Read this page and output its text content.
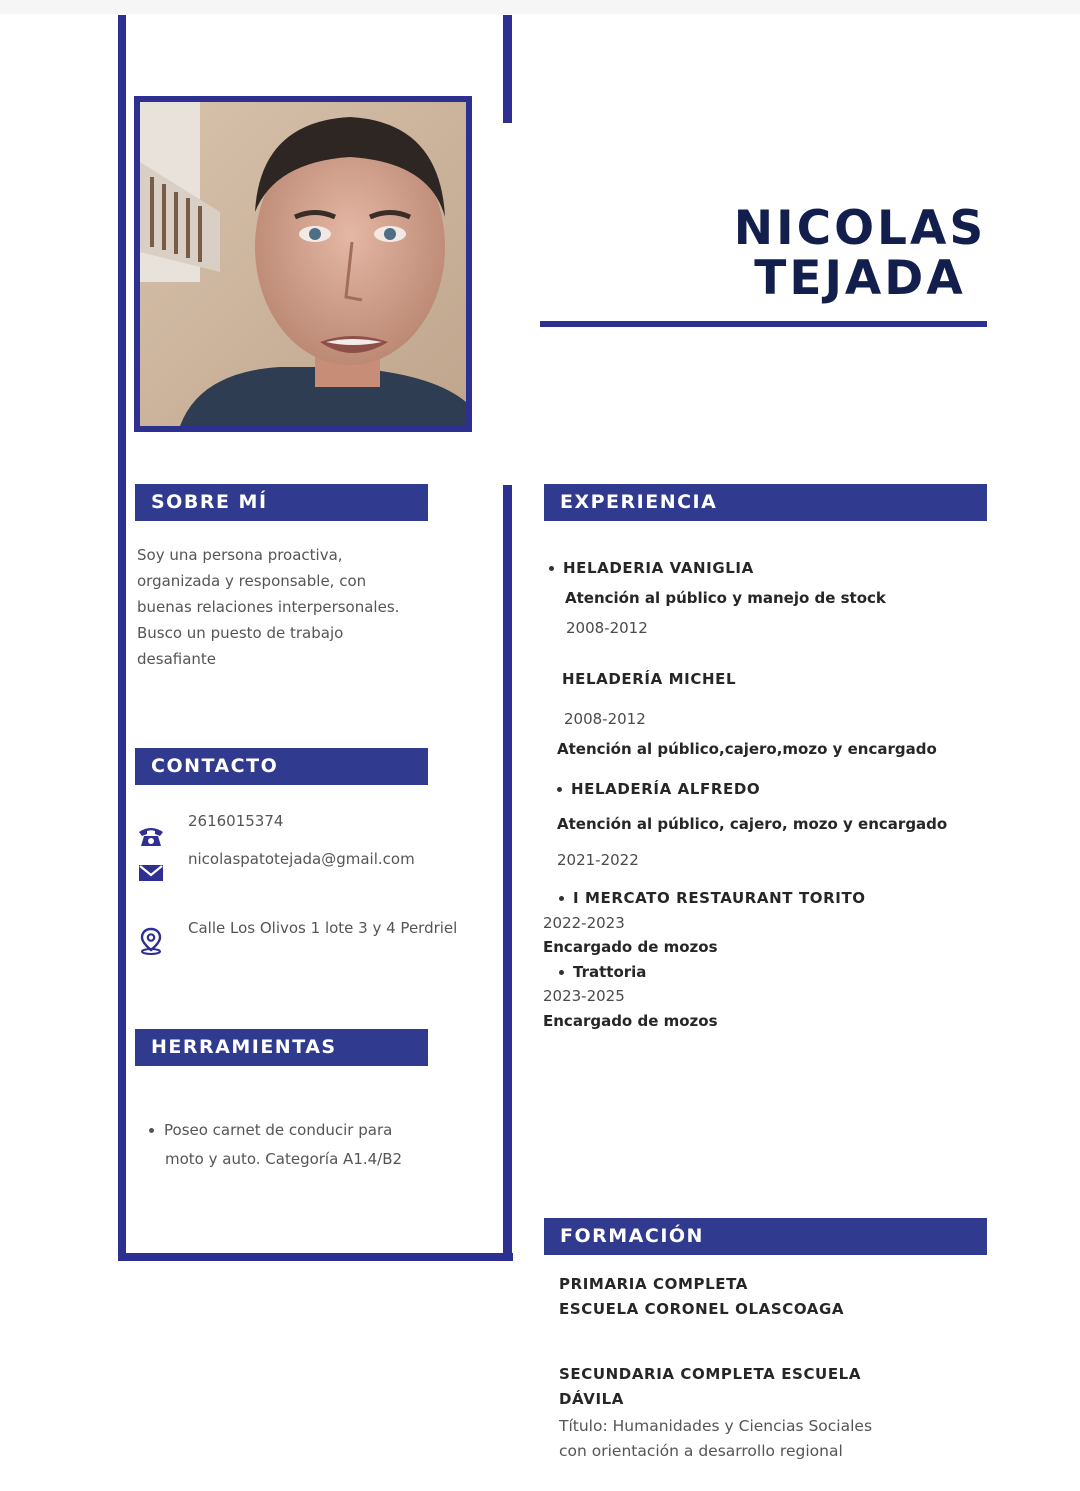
NICOLAS
TEJADA
SOBRE MÍ
Soy una persona proactiva,
organizada y responsable, con
buenas relaciones interpersonales.
Busco un puesto de trabajo
desafiante
CONTACTO
2616015374
nicolaspatotejada@gmail.com
Calle Los Olivos 1 lote 3 y 4 Perdriel
HERRAMIENTAS
Poseo carnet de conducir para
moto y auto. Categoría A1.4/B2
EXPERIENCIA
HELADERIA VANIGLIA
Atención al público y manejo de stock
2008-2012
HELADERÍA MICHEL
2008-2012
Atención al público,cajero,mozo y encargado
HELADERÍA ALFREDO
Atención al público, cajero, mozo y encargado
2021-2022
I MERCATO RESTAURANT TORITO
2022-2023
Encargado de mozos
Trattoria
2023-2025
Encargado de mozos
FORMACIÓN
PRIMARIA COMPLETA
ESCUELA CORONEL OLASCOAGA
SECUNDARIA COMPLETA ESCUELA
DÁVILA
Título: Humanidades y Ciencias Sociales
con orientación a desarrollo regional
